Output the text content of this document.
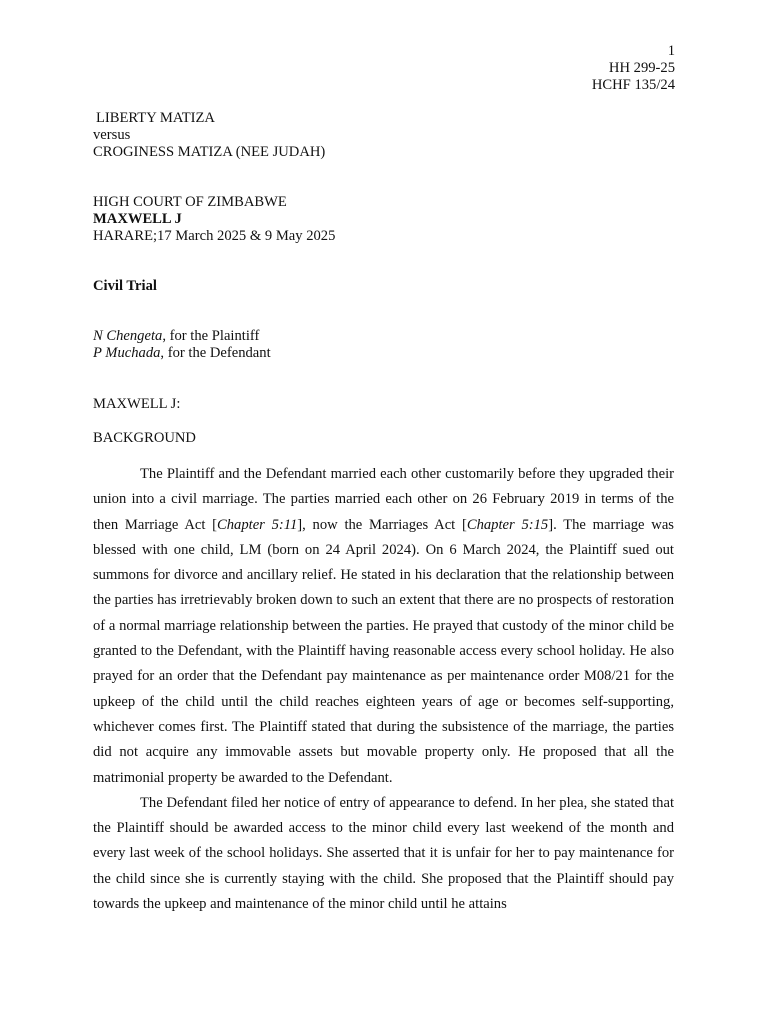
1
HH 299-25
HCHF 135/24
LIBERTY MATIZA
versus
CROGINESS MATIZA (NEE JUDAH)
HIGH COURT OF ZIMBABWE
MAXWELL J
HARARE;17 March 2025 & 9 May 2025
Civil Trial
N Chengeta, for the Plaintiff
P Muchada, for the Defendant
MAXWELL J:
BACKGROUND

The Plaintiff and the Defendant married each other customarily before they upgraded their union into a civil marriage. The parties married each other on 26 February 2019 in terms of the then Marriage Act [Chapter 5:11], now the Marriages Act [Chapter 5:15]. The marriage was blessed with one child, LM (born on 24 April 2024). On 6 March 2024, the Plaintiff sued out summons for divorce and ancillary relief. He stated in his declaration that the relationship between the parties has irretrievably broken down to such an extent that there are no prospects of restoration of a normal marriage relationship between the parties. He prayed that custody of the minor child be granted to the Defendant, with the Plaintiff having reasonable access every school holiday. He also prayed for an order that the Defendant pay maintenance as per maintenance order M08/21 for the upkeep of the child until the child reaches eighteen years of age or becomes self-supporting, whichever comes first. The Plaintiff stated that during the subsistence of the marriage, the parties did not acquire any immovable assets but movable property only. He proposed that all the matrimonial property be awarded to the Defendant.

The Defendant filed her notice of entry of appearance to defend. In her plea, she stated that the Plaintiff should be awarded access to the minor child every last weekend of the month and every last week of the school holidays. She asserted that it is unfair for her to pay maintenance for the child since she is currently staying with the child. She proposed that the Plaintiff should pay towards the upkeep and maintenance of the minor child until he attains
